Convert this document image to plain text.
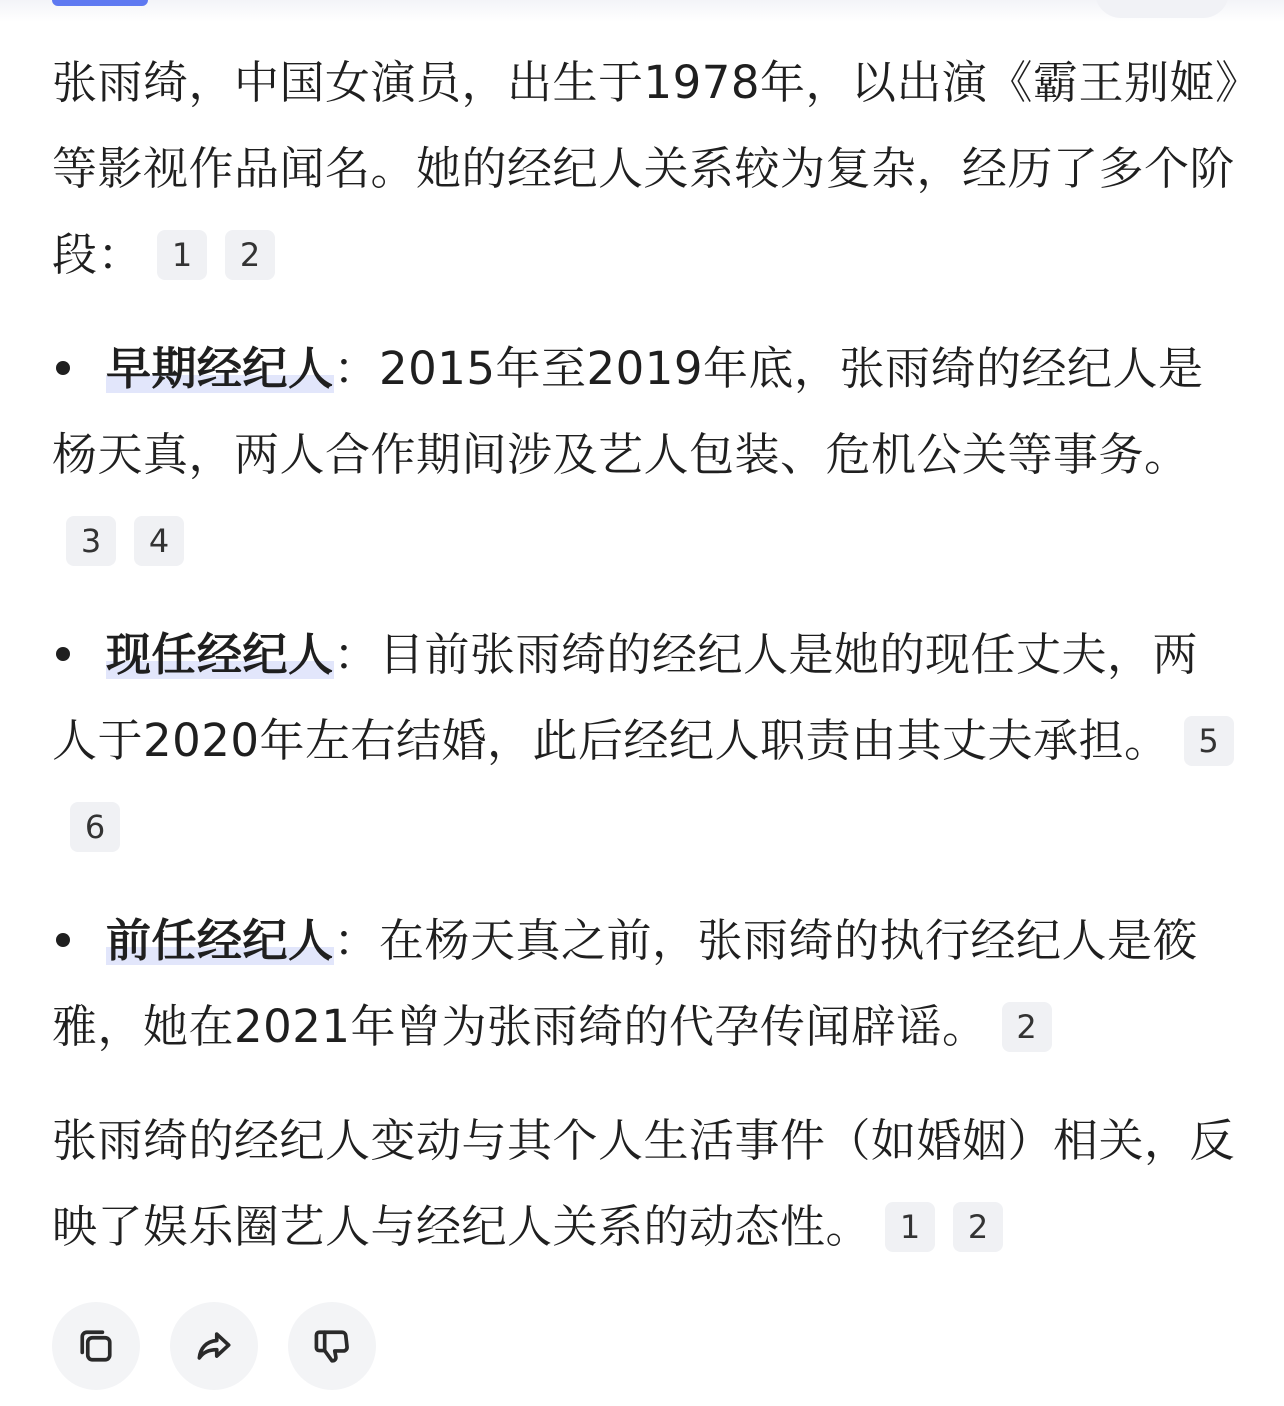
张雨绮，中国女演员，出生于1978年，以出演《霸王别姬》等影视作品闻名。她的经纪人关系较为复杂，经历了多个阶段： 1 2

早期经纪人：2015年至2019年底，张雨绮的经纪人是杨天真，两人合作期间涉及艺人包装、危机公关等事务。3 4
现任经纪人：目前张雨绮的经纪人是她的现任丈夫，两人于2020年左右结婚，此后经纪人职责由其丈夫承担。 56
前任经纪人：在杨天真之前，张雨绮的执行经纪人是筱雅，她在2021年曾为张雨绮的代孕传闻辟谣。 2

张雨绮的经纪人变动与其个人生活事件（如婚姻）相关，反映了娱乐圈艺人与经纪人关系的动态性。 1 2
